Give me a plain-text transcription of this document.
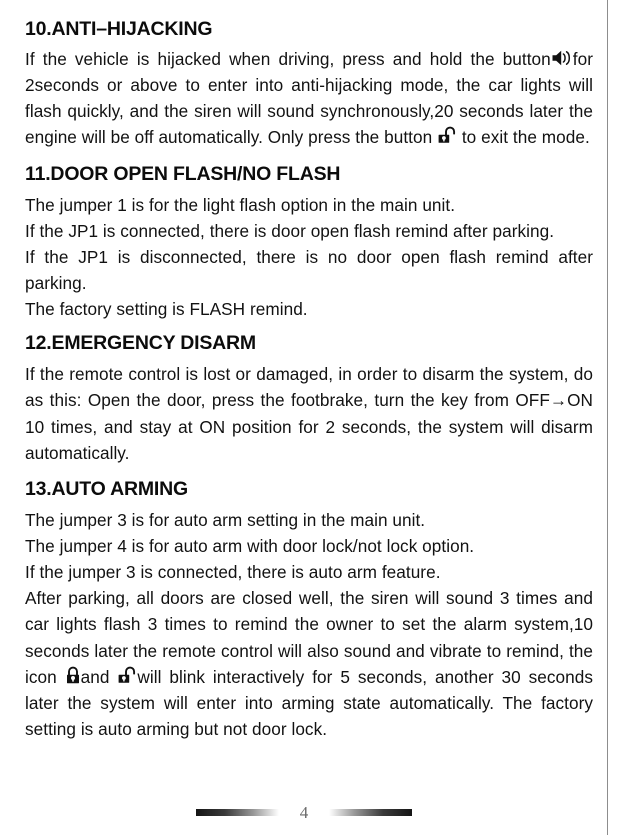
10.ANTI–HIJACKING

If the vehicle is hijacked when driving, press and hold the button for 2seconds or above to enter into anti-hijacking mode, the car lights will flash quickly, and the siren will sound synchronously,20 seconds later the engine will be off automatically. Only press the button to exit the mode.

11.DOOR OPEN FLASH/NO FLASH

The jumper 1 is for the light flash option in the main unit.

If the JP1 is connected, there is door open flash remind after parking.

If the JP1 is disconnected, there is no door open flash remind after parking.

The factory setting is FLASH remind.

12.EMERGENCY DISARM

If the remote control is lost or damaged, in order to disarm the system, do as this: Open the door, press the footbrake, turn the key from OFF→ON 10 times, and stay at ON position for 2 seconds, the system will disarm automatically.

13.AUTO ARMING

The jumper 3 is for auto arm setting in the main unit.

The jumper 4 is for auto arm with door lock/not lock option.

If the jumper 3 is connected, there is auto arm feature.

After parking, all doors are closed well, the siren will sound 3 times and car lights flash 3 times to remind the owner to set the alarm system,10 seconds later the remote control will also sound and vibrate to remind, the icon and will blink interactively for 5 seconds, another 30 seconds later the system will enter into arming state automatically. The factory setting is auto arming but not door lock.

4
